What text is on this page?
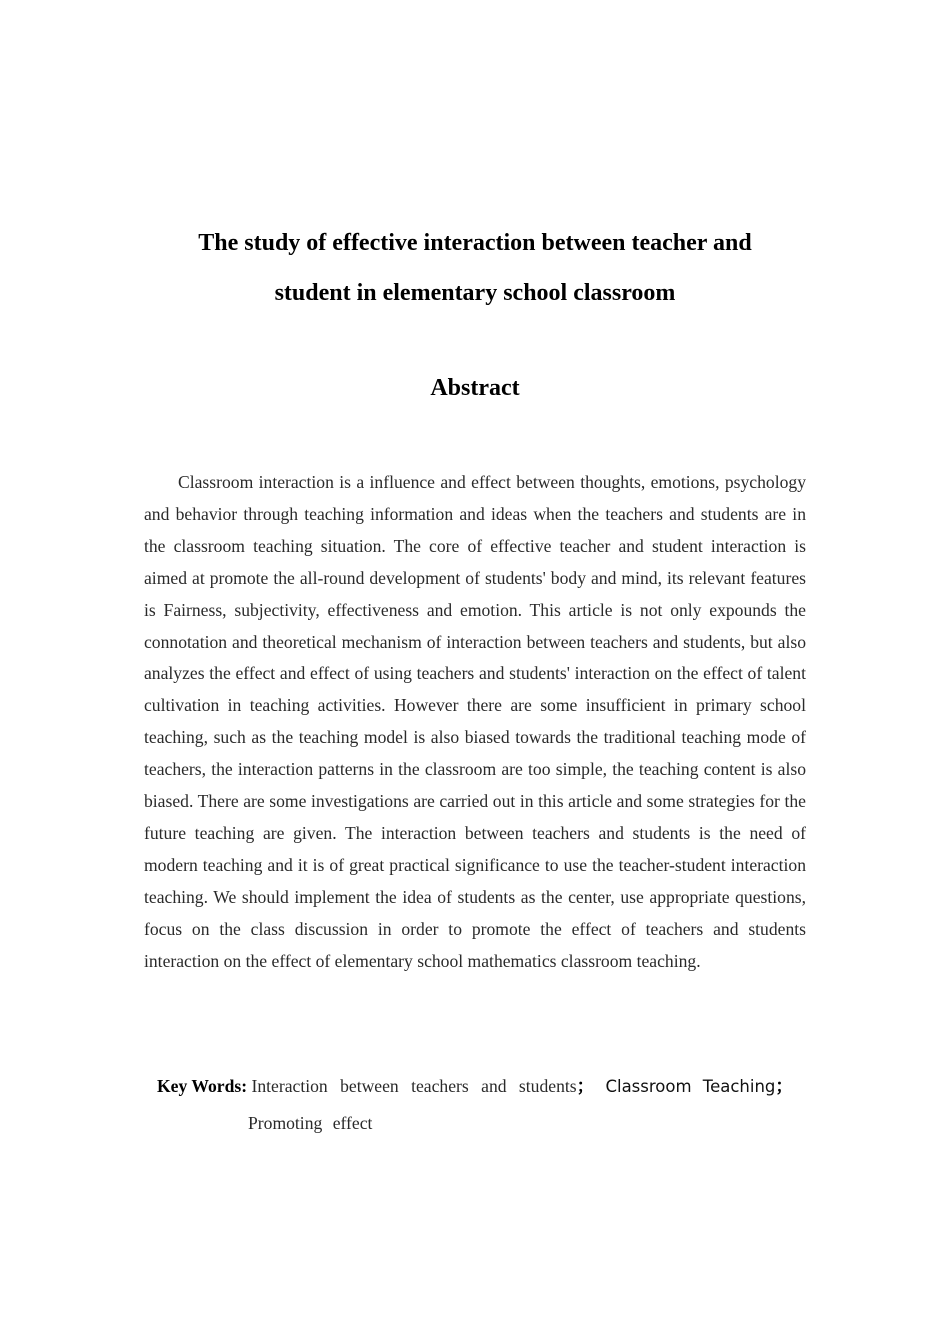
The study of effective interaction between teacher and
student in elementary school classroom
Abstract

Classroom interaction is a influence and effect between thoughts, emotions, psychology and behavior through teaching information and ideas when the teachers and students are in the classroom teaching situation. The core of effective teacher and student interaction is aimed at promote the all-round development of students' body and mind, its relevant features is Fairness, subjectivity, effectiveness and emotion. This article is not only expounds the connotation and theoretical mechanism of interaction between teachers and students, but also analyzes the effect and effect of using teachers and students' interaction on the effect of talent cultivation in teaching activities. However there are some insufficient in primary school teaching, such as the teaching model is also biased towards the traditional teaching mode of teachers, the interaction patterns in the classroom are too simple, the teaching content is also biased. There are some investigations are carried out in this article and some strategies for the future teaching are given. The interaction between teachers and students is the need of modern teaching and it is of great practical significance to use the teacher-student interaction teaching. We should implement the idea of students as the center, use appropriate questions, focus on the class discussion in order to promote the effect of teachers and students interaction on the effect of elementary school mathematics classroom teaching.

Key Words: Interaction between teachers and students； Classroom Teaching；
Promoting effect
